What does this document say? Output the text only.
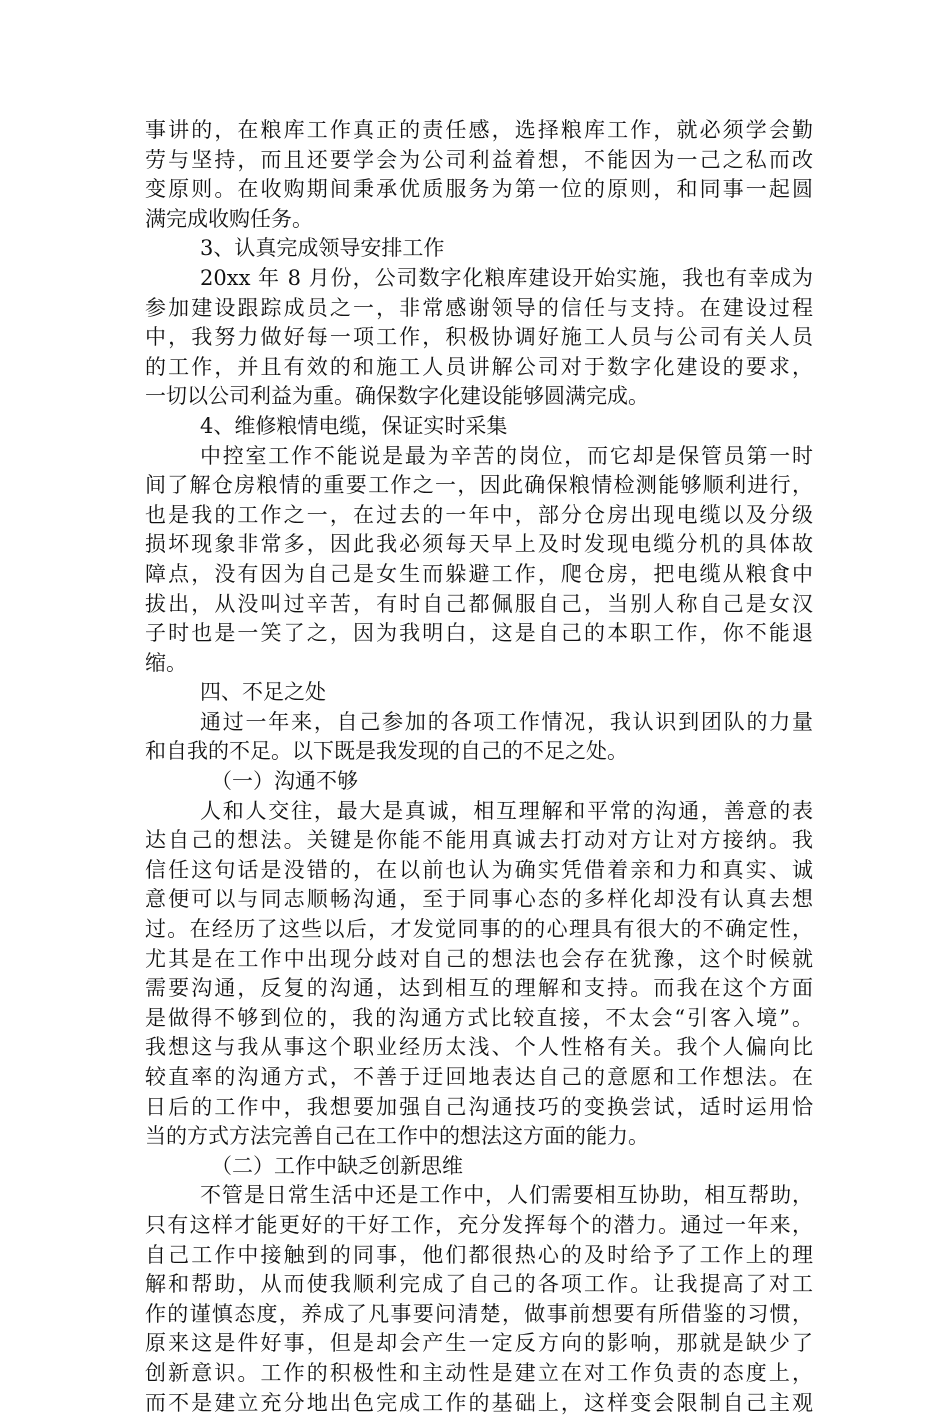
事讲的，在粮库工作真正的责任感，选择粮库工作，就必须学会勤
劳与坚持，而且还要学会为公司利益着想，不能因为一己之私而改
变原则。在收购期间秉承优质服务为第一位的原则，和同事一起圆
满完成收购任务。
3、认真完成领导安排工作
20xx 年 8 月份，公司数字化粮库建设开始实施，我也有幸成为
参加建设跟踪成员之一，非常感谢领导的信任与支持。在建设过程
中，我努力做好每一项工作，积极协调好施工人员与公司有关人员
的工作，并且有效的和施工人员讲解公司对于数字化建设的要求，
一切以公司利益为重。确保数字化建设能够圆满完成。
4、维修粮情电缆，保证实时采集
中控室工作不能说是最为辛苦的岗位，而它却是保管员第一时
间了解仓房粮情的重要工作之一，因此确保粮情检测能够顺利进行，
也是我的工作之一，在过去的一年中，部分仓房出现电缆以及分级
损坏现象非常多，因此我必须每天早上及时发现电缆分机的具体故
障点，没有因为自己是女生而躲避工作，爬仓房，把电缆从粮食中
拔出，从没叫过辛苦，有时自己都佩服自己，当别人称自己是女汉
子时也是一笑了之，因为我明白，这是自己的本职工作，你不能退
缩。
四、不足之处
通过一年来，自己参加的各项工作情况，我认识到团队的力量
和自我的不足。以下既是我发现的自己的不足之处。
（一）沟通不够
人和人交往，最大是真诚，相互理解和平常的沟通，善意的表
达自己的想法。关键是你能不能用真诚去打动对方让对方接纳。我
信任这句话是没错的，在以前也认为确实凭借着亲和力和真实、诚
意便可以与同志顺畅沟通，至于同事心态的多样化却没有认真去想
过。在经历了这些以后，才发觉同事的的心理具有很大的不确定性，
尤其是在工作中出现分歧对自己的想法也会存在犹豫，这个时候就
需要沟通，反复的沟通，达到相互的理解和支持。而我在这个方面
是做得不够到位的，我的沟通方式比较直接，不太会“引客入境”。
我想这与我从事这个职业经历太浅、个人性格有关。我个人偏向比
较直率的沟通方式，不善于迂回地表达自己的意愿和工作想法。在
日后的工作中，我想要加强自己沟通技巧的变换尝试，适时运用恰
当的方式方法完善自己在工作中的想法这方面的能力。
（二）工作中缺乏创新思维
不管是日常生活中还是工作中，人们需要相互协助，相互帮助，
只有这样才能更好的干好工作，充分发挥每个的潜力。通过一年来，
自己工作中接触到的同事，他们都很热心的及时给予了工作上的理
解和帮助，从而使我顺利完成了自己的各项工作。让我提高了对工
作的谨慎态度，养成了凡事要问清楚，做事前想要有所借鉴的习惯，
原来这是件好事，但是却会产生一定反方向的影响，那就是缺少了
创新意识。工作的积极性和主动性是建立在对工作负责的态度上，
而不是建立充分地出色完成工作的基础上，这样变会限制自己主观
